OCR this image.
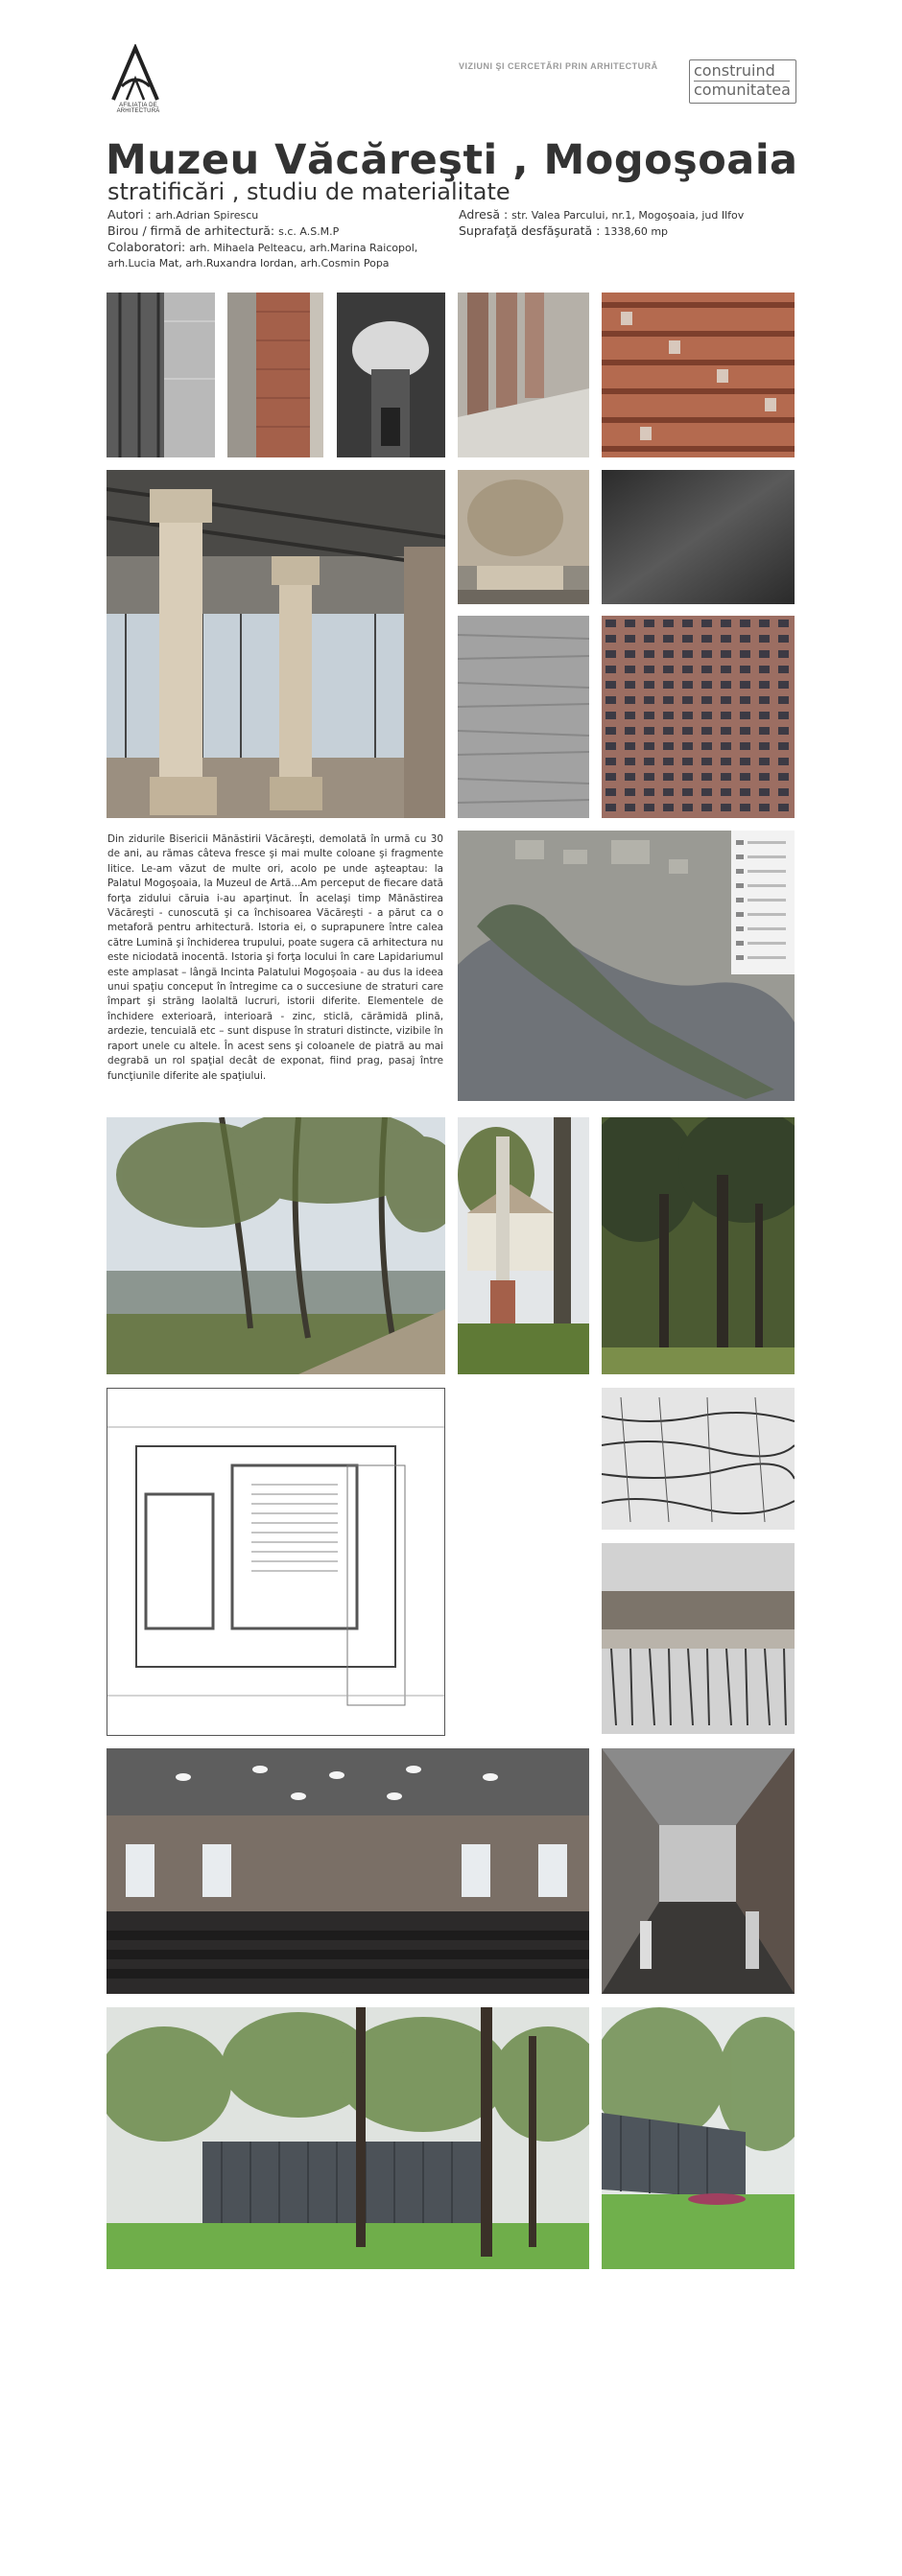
AFILIAŢIA DE ARHITECTURĂ
VIZIUNI ŞI CERCETĂRI PRIN ARHITECTURĂ construind
comunitatea
Muzeu Văcăreşti , Mogoşoaia
stratificări , studiu de materialitate
Autori : arh.Adrian Spirescu
Birou / firmă de arhitectură: s.c. A.S.M.P
Colaboratori: arh. Mihaela Pelteacu, arh.Marina Raicopol,
arh.Lucia Mat, arh.Ruxandra Iordan, arh.Cosmin Popa
Adresă : str. Valea Parcului, nr.1, Mogoşoaia, jud Ilfov
Suprafaţă desfăşurată : 1338,60 mp
Din zidurile Bisericii Mănăstirii Văcăreşti, demolată în urmă cu 30 de ani, au rămas câteva fresce şi mai multe coloane şi fragmente litice. Le-am văzut de multe ori, acolo pe unde aşteaptau: la Palatul Mogoşoaia, la Muzeul de Artă...Am perceput de fiecare dată forţa zidului căruia i-au aparţinut. În acelaşi timp Mănăstirea Văcăreşti - cunoscută şi ca închisoarea Văcăreşti - a părut ca o metaforă pentru arhitectură. Istoria ei, o suprapunere între calea către Lumină şi închiderea trupului, poate sugera că arhitectura nu este niciodată inocentă. Istoria şi forţa locului în care Lapidariumul este amplasat – lângă Incinta Palatului Mogoşoaia - au dus la ideea unui spaţiu conceput în întregime ca o succesiune de straturi care împart şi străng laolaltă lucruri, istorii diferite. Elementele de închidere exterioară, interioară - zinc, sticlă, cărămidă plină, ardezie, tencuială etc – sunt dispuse în straturi distincte, vizibile în raport unele cu altele. În acest sens şi coloanele de piatră au mai degrabă un rol spaţial decât de exponat, fiind prag, pasaj între funcţiunile diferite ale spaţiului.
